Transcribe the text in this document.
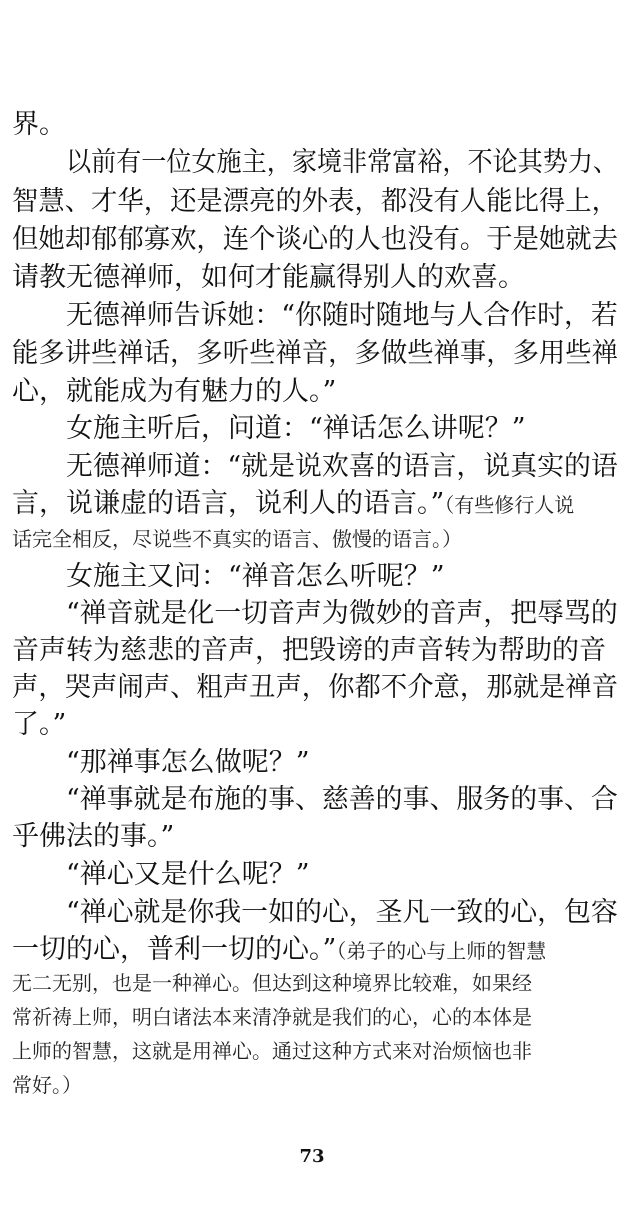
界。
以前有一位女施主，家境非常富裕，不论其势力、
智慧、才华，还是漂亮的外表，都没有人能比得上，
但她却郁郁寡欢，连个谈心的人也没有。于是她就去
请教无德禅师，如何才能赢得别人的欢喜。
无德禅师告诉她：“你随时随地与人合作时，若
能多讲些禅话，多听些禅音，多做些禅事，多用些禅
心，就能成为有魅力的人。”
女施主听后，问道：“禅话怎么讲呢？”
无德禅师道：“就是说欢喜的语言，说真实的语
言，说谦虚的语言，说利人的语言。”（有些修行人说
话完全相反，尽说些不真实的语言、傲慢的语言。）
女施主又问：“禅音怎么听呢？”
“禅音就是化一切音声为微妙的音声，把辱骂的
音声转为慈悲的音声，把毁谤的声音转为帮助的音
声，哭声闹声、粗声丑声，你都不介意，那就是禅音
了。”
“那禅事怎么做呢？”
“禅事就是布施的事、慈善的事、服务的事、合
乎佛法的事。”
“禅心又是什么呢？”
“禅心就是你我一如的心，圣凡一致的心，包容
一切的心，普利一切的心。”（弟子的心与上师的智慧
无二无别，也是一种禅心。但达到这种境界比较难，如果经
常祈祷上师，明白诸法本来清净就是我们的心，心的本体是
上师的智慧，这就是用禅心。通过这种方式来对治烦恼也非
常好。）
73
